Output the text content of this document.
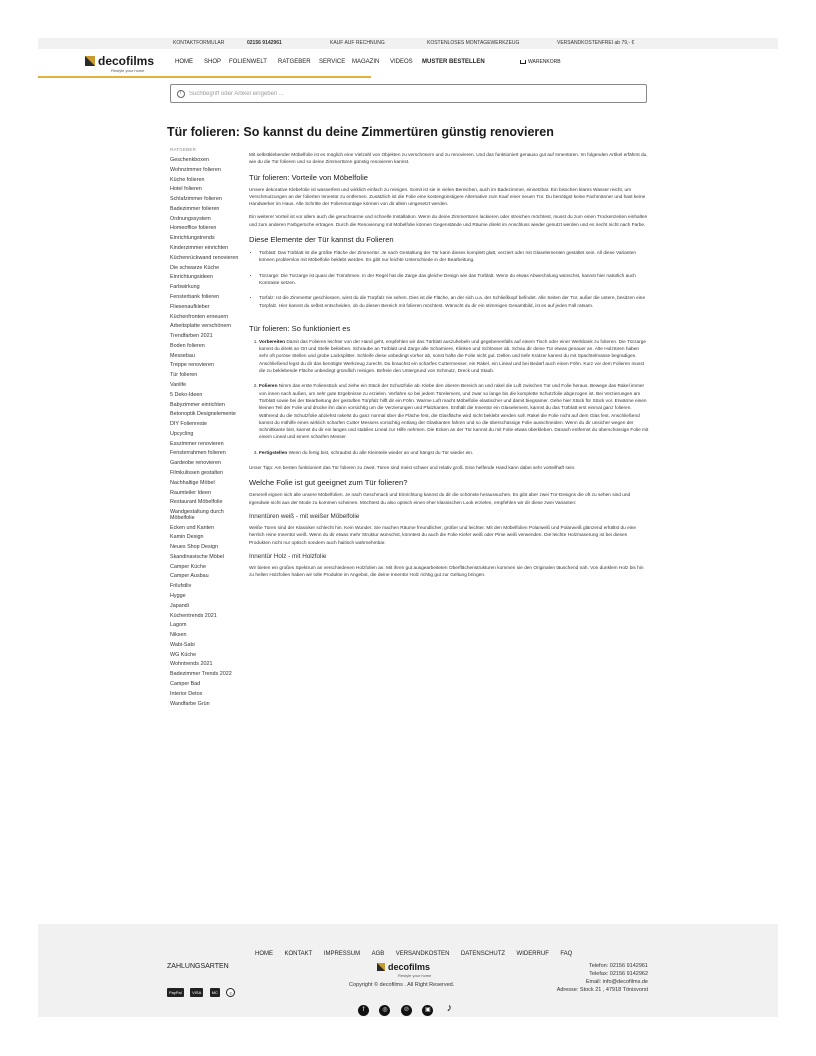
KONTAKTFORMULAR	02156 9142961	KAUF AUF RECHNUNG	KOSTENLOSES MONTAGEWERKZEUG	VERSANDKOSTENFREI ab 79,- €
decofilms
Restyle your home
HOME SHOP FOLIENWELT RATGEBER SERVICE MAGAZIN VIDEOS MUSTER BESTELLEN	WARENKORB
i
Suchbegriff oder Artikel eingeben ...
Tür folieren: So kannst du deine Zimmertüren günstig renovieren
RATGEBER
Geschenkboxen
Wohnzimmer folieren
Küche folieren
Hotel folieren
Schlafzimmer folieren
Badezimmer folieren
Ordnungssystem
Homeoffice folieren
Einrichtungstrends
Kinderzimmer einrichten
Küchenrückwand renovieren
Die schwarze Küche
Einrichtungsideen
Farbwirkung
Fensterbank folieren
Fliesenaufkleber
Küchenfronten erneuern
Arbeitsplatte verschönern
Trendfarben 2021
Boden folieren
Messebau
Treppe renovieren
Tür folieren
Vanlife
5 Deko-Ideen
Babyzimmer einrichten
Betonoptik Designelemente
DIY Folienreste
Upcycling
Esszimmer renovieren
Fensterrahmen folieren
Gardeobe renovieren
Filmkulissen gestalten
Nachhaltige Möbel
Raumteiler Ideen
Restaurant Möbelfolie
Wandgestaltung durch Möbelfolie
Ecken und Kanten
Kamin Design
Neues Shop Design
Skandinavische Möbel
Camper Küche
Camper Ausbau
Frilufstliv
Hygge
Japandi
Küchentrends 2021
Lagom
Niksen
Wabi-Sabi
WG Küche
Wohntrends 2021
Badezimmer Trends 2022
Camper Bad
Interior Detox
Wandfarbe Grün

Mit selbstklebender Möbelfolie ist es möglich eine Vielzahl von Objekten zu verschönern und zu renovieren. Und das funktioniert genauso gut auf Innentüren. Im folgenden Artikel erfährst du, wie du die Tür folieren und so deine Zimmertüren günstig renovieren kannst.

Tür folieren: Vorteile von Möbelfolie

Unsere dekorative Klebefolie ist wasserfest und wirklich einfach zu reinigen. Somit ist sie in vielen Bereichen, auch im Badezimmer, einsetzbar. Ein bisschen klares Wasser reicht, um Verschmutzungen an der folierten Innentür zu entfernen. Zusätzlich ist die Folie eine kostengünstigere Alternative zum Kauf einer neuen Tür. Du benötigst keine Fachmänner und hast keine Handwerker im Haus. Alle Schritte der Folienmontage können von dir allein umgesetzt werden.

Ein weiterer Vorteil ist vor allem auch die geruchsarme und schnelle Installation. Wenn du deine Zimmertüren lackieren oder streichen möchtest, musst du zum einen Trockenzeiten einhalten und zum anderen Farbgerüche ertragen. Durch die Renovierung mit Möbelfolie können Gegenstände und Räume direkt im Anschluss wieder genutzt werden und es riecht nicht nach Farbe.

Diese Elemente der Tür kannst du Folieren
• Türblatt: Das Türblatt ist die größte Fläche der Zimmertür. Je nach Gestaltung der Tür kann dieses komplett glatt, verziert oder mit Glaselementen gestaltet sein. All diese Varianten können problemlos mit Möbelfolie beklebt werden. Es gibt nur leichte Unterschiede in der Bearbeitung.
• Türzarge: Die Türzarge ist quasi der Türrahmen. In der Regel hat die Zarge das gleiche Design wie das Türblatt. Wenn du etwas Abwechslung wünschst, kannst hier natürlich auch Kontraste setzen.
• Türfalz: Ist die Zimmertür geschlossen, wirst du die Türpfalz nie sehen. Dies ist die Fläche, an der sich u.a. der Schließkopf befindet. Alle Seiten der Tür, außer die untere, besitzen eine Türpfalz. Hier kannst du selbst entscheiden, ob du diesen Bereich mit folieren möchtest. Wünscht du dir ein stimmiges Gesamtbild, ist es auf jeden Fall ratsam.
Tür folieren: So funktioniert es
1. Vorbereiten Damit das Folieren leichter von der Hand geht, empfehlen wir das Türblatt auszuhebeln und gegebenenfalls auf einem Tisch oder einer Werkbank zu folieren. Die Türzarge kannst du direkt an Ort und Stelle bekleben. Schraube an Türblatt und Zarge alle Scharniere, Klinken und Schlösser ab. Schau dir deine Tür etwas genauer an. Alte Holztüren haben sehr oft poröse Stellen und grobe Lacksplitter. Schleife diese unbedingt vorher ab, sonst hafte die Folie nicht gut. Dellen und tiefe Kratzer kannst du mit Spachtelmasse begradigen. Anschließend legst du dir das benötigte Werkzeug zurecht. Du brauchst ein scharfes Cuttermesser, ein Rakel, ein Lineal und bei Bedarf auch einen Föhn. Kurz vor dem Folieren musst die zu beklebende Fläche unbedingt gründlich reinigen. Befreie den Untergrund von Schmutz, Dreck und Staub.
2. Folieren Nimm das erste Folienstück und ziehe ein Stück der Schutzfolie ab. Klebe den oberen Bereich an und rakel die Luft zwischen Tür und Folie heraus. Bewege das Rakel immer von innen nach außen, um sehr gute Ergebnisse zu erzielen. Verfahre so bei jedem Türelement, und zwar so lange bis die komplette Schutzfolie abgezogen ist. Bei Verzierungen am Türblatt sowie bei der Bearbeitung der gestuften Türpfalz hilft dir ein Föhn. Warme Luft macht Möbelfolie elastischer und damit biegsamer. Gehe hier Stück für Stück vor. Erwärme einen kleinen Teil der Folie und drücke ihn dann vorsichtig um die Verzierungen und Pfalzkanten. Enthält die Innentür ein Glaselement, kannst du das Türblatt erst einmal ganz folieren. Während du die Schutzfolie abziehst rakelst du ganz normal über die Fläche fest, die Glasfläche wird nicht beklebt werden soll. Rakel die Folie nicht auf dem Glas fest. Anschließend kannst du mithilfe eines wirklich scharfen Cutter Messers vorsichtig entlang der Glaskanten fahren und so die überschüssige Folie ausschneiden. Wenn du dir unsicher wegen der Schnittkante bist, kannst du dir ein langes und stabiles Lineal zur Hilfe nehmen. Die Ecken an der Tür kannst du mit Folie etwas überkleben. Danach entfernst du überschüssige Folie mit einem Lineal und einem scharfen Messer.
3. Fertigstellen Wenn du fertig bist, schraubst du alle Kleinteile wieder an und hängst du Tür wieder ein.

Unser Tipp: Am besten funktioniert das Tür folieren zu zweit. Türen sind meist schwer und relativ groß. Eine helfende Hand kann dabei sehr vorteilhaft sein.

Welche Folie ist gut geeignet zum Tür folieren?

Generell eignen sich alle unsere Möbelfolien. Je nach Geschmack und Einrichtung kannst du dir die schönste heraussuchen. Es gibt aber zwei Tür-Designs die oft zu sehen sind und irgendwie nicht aus der Mode zu kommen scheinen. Möchtest du also optisch einen eher klassischen Look erzielen, empfehlen wir dir diese zwei Varianten:

Innentüren weiß - mit weißer Möbelfolie

Weiße Türen sind der Klassiker schlecht hin. Kein Wunder. Sie machen Räume freundlicher, größer und leichter. Mit den Möbelfolien Polarweiß und Polarweiß glänzend erhältst du eine herrlich reine Innentür weiß. Wenn du dir etwas mehr Struktur wünschst, könntest du auch die Folie Kiefer weiß oder Pinie weiß verwenden. Die leichte Holzmaserung ist bei diesen Produkten nicht nur optisch sondern auch haitisch wahrnehmbar.

Innentür Holz - mit Holzfolie

Wir bieten ein großes Spektrum an verschiedenen Holzfolien an. Mit ihren gut ausgearbeiteten Oberflächenstrukturen kommen sie den Originalen täuschend nah. Von dunklem Holz bis hin zu hellen Holzfolien haben wir tolle Produkte im Angebot, die deine Innentür Holz richtig gut zur Geltung bringen.

HOME KONTAKT IMPRESSUM AGB VERSANDKOSTEN DATENSCHUTZ WIDERRUF FAQ
ZAHLUNGSARTEN
PayPal	VISA	MC	©
decofilms
Restyle your home
Copyright © decofilms . All Right Reserved.
f	◎	℗	▣ ♪
Telefon: 02156 9142961
Telefax: 02156 9142962
Email: info@decofilms.de
Adresse: Stock 21 , 47918 Tönisvorst
